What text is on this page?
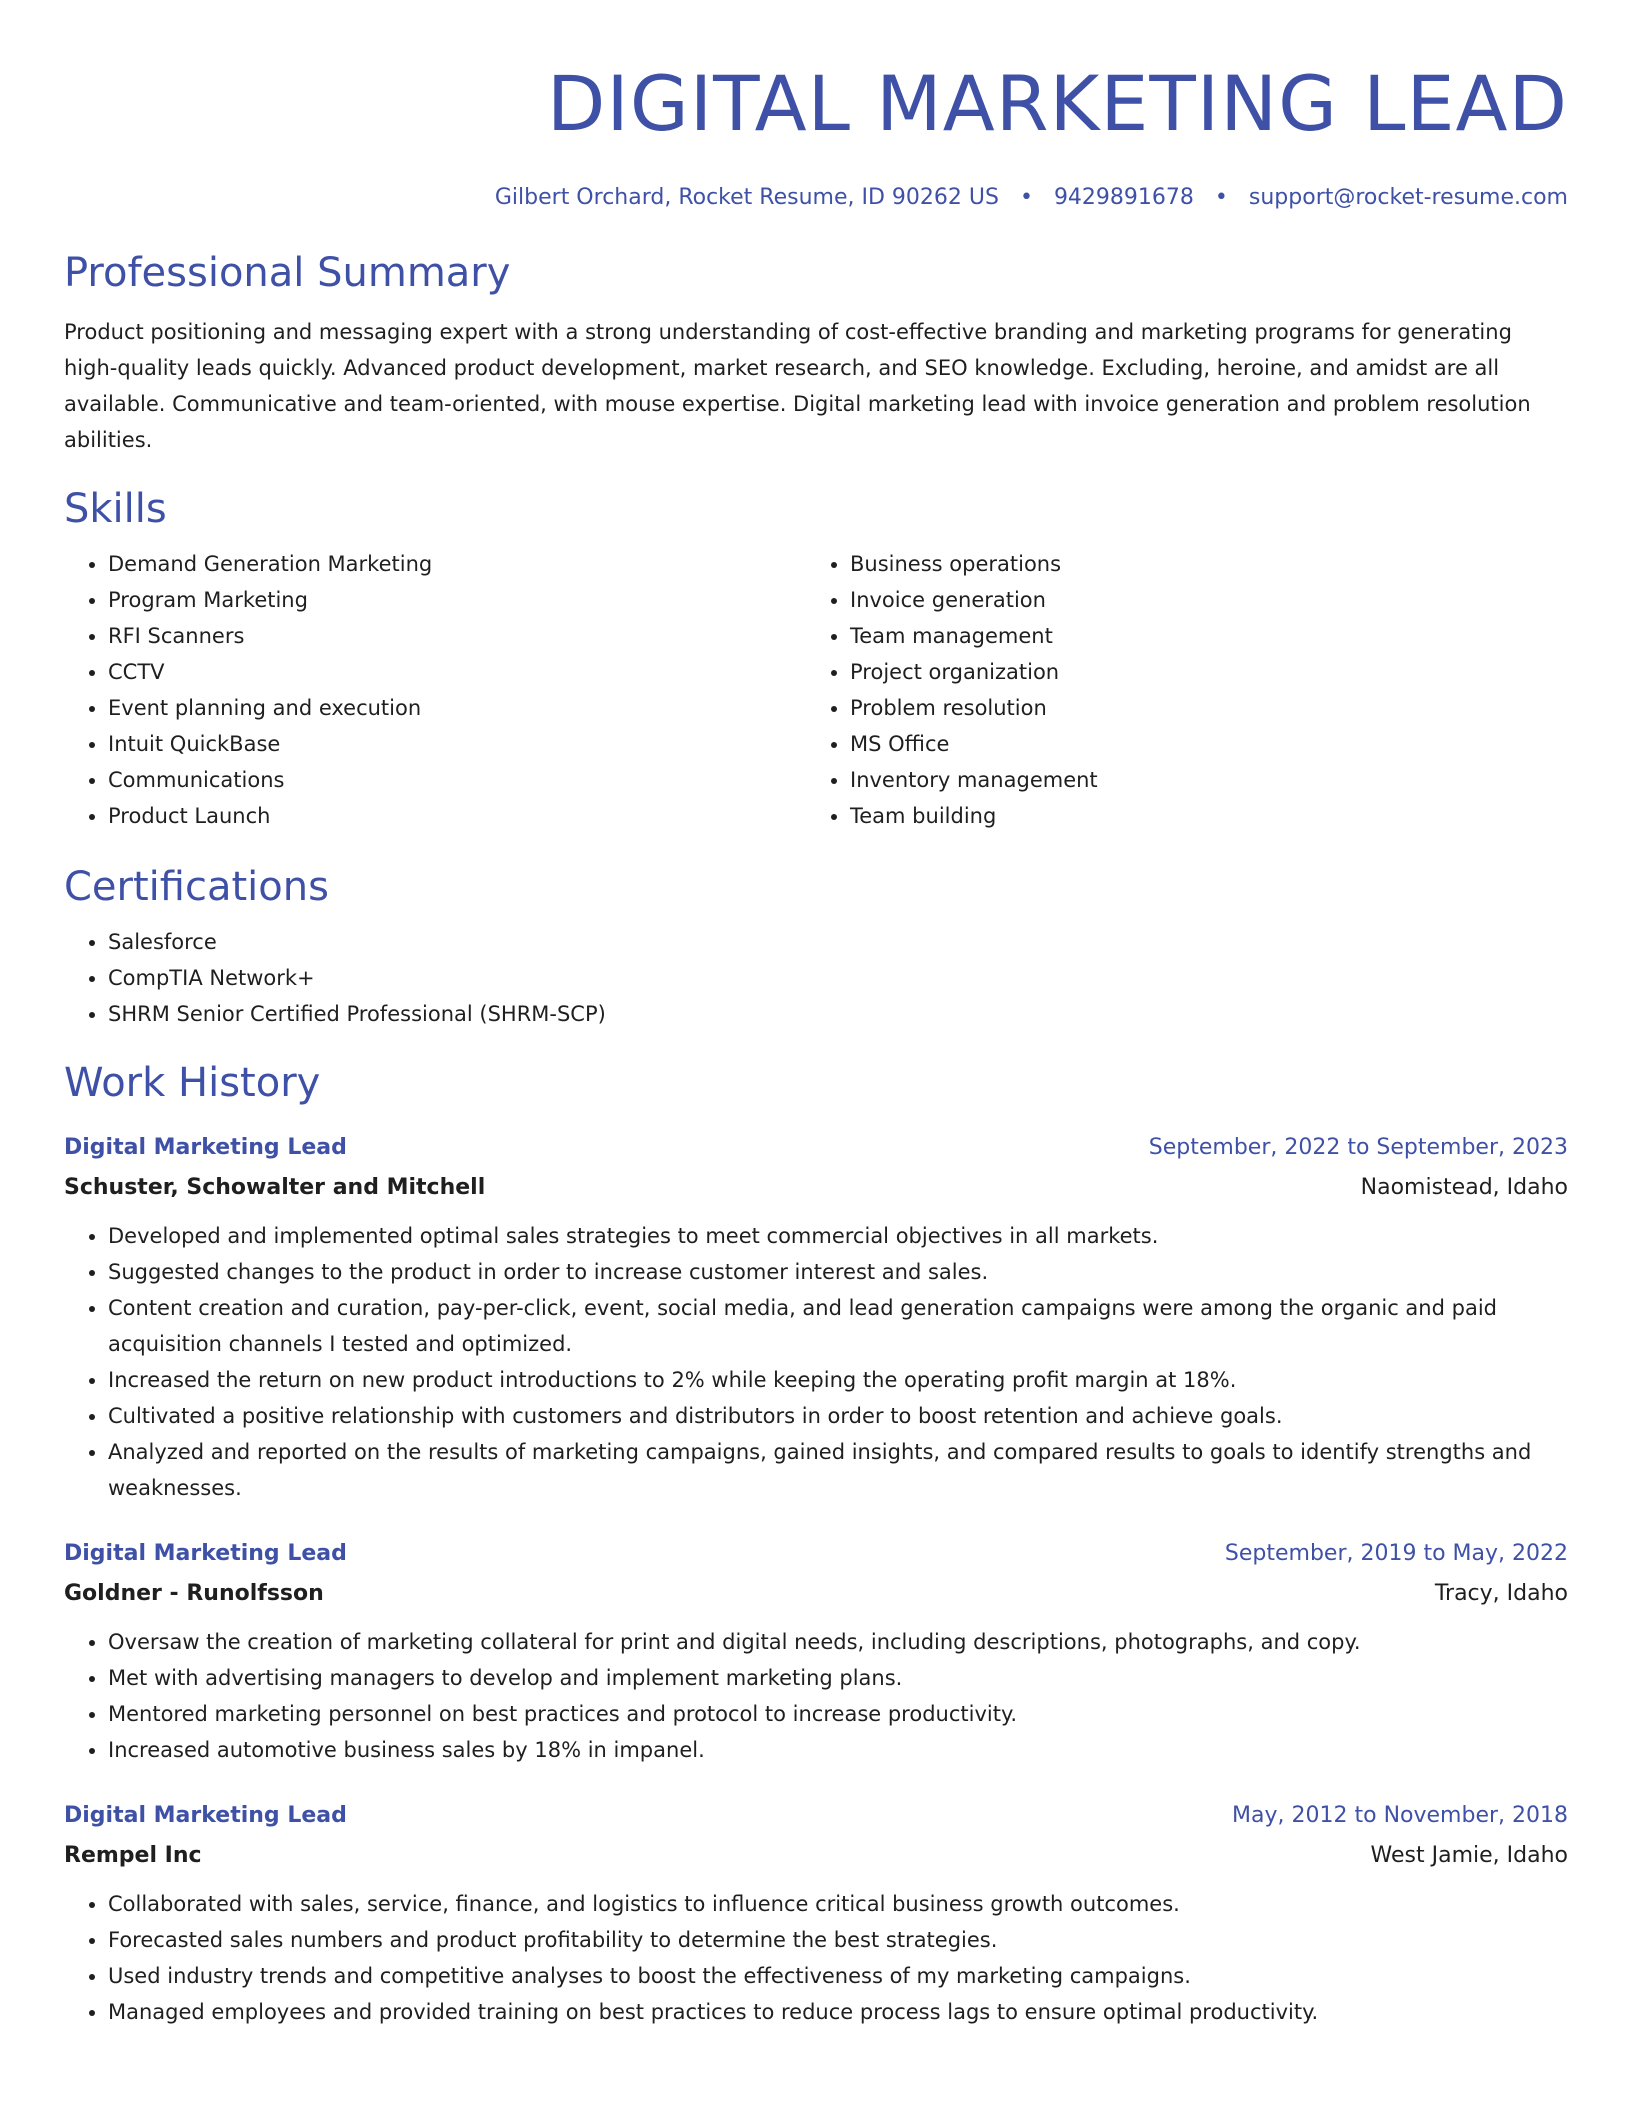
DIGITAL MARKETING LEAD
Gilbert Orchard, Rocket Resume, ID 90262 US • 9429891678 • support@rocket-resume.com
Professional Summary
Product positioning and messaging expert with a strong understanding of cost-effective branding and marketing programs for generating high-quality leads quickly. Advanced product development, market research, and SEO knowledge. Excluding, heroine, and amidst are all available. Communicative and team-oriented, with mouse expertise. Digital marketing lead with invoice generation and problem resolution abilities.
Skills
• Demand Generation Marketing
• Program Marketing
• RFI Scanners
• CCTV
• Event planning and execution
• Intuit QuickBase
• Communications
• Product Launch
• Business operations
• Invoice generation
• Team management
• Project organization
• Problem resolution
• MS Office
• Inventory management
• Team building
Certifications
• Salesforce
• CompTIA Network+
• SHRM Senior Certified Professional (SHRM-SCP)
Work History
Digital Marketing Lead	September, 2022 to September, 2023
Schuster, Schowalter and Mitchell	Naomistead, Idaho
• Developed and implemented optimal sales strategies to meet commercial objectives in all markets.
• Suggested changes to the product in order to increase customer interest and sales.
• Content creation and curation, pay-per-click, event, social media, and lead generation campaigns were among the organic and paid acquisition channels I tested and optimized.
• Increased the return on new product introductions to 2% while keeping the operating profit margin at 18%.
• Cultivated a positive relationship with customers and distributors in order to boost retention and achieve goals.
• Analyzed and reported on the results of marketing campaigns, gained insights, and compared results to goals to identify strengths and weaknesses.
Digital Marketing Lead	September, 2019 to May, 2022
Goldner - Runolfsson	Tracy, Idaho
• Oversaw the creation of marketing collateral for print and digital needs, including descriptions, photographs, and copy.
• Met with advertising managers to develop and implement marketing plans.
• Mentored marketing personnel on best practices and protocol to increase productivity.
• Increased automotive business sales by 18% in impanel.
Digital Marketing Lead	May, 2012 to November, 2018
Rempel Inc	West Jamie, Idaho
• Collaborated with sales, service, finance, and logistics to influence critical business growth outcomes.
• Forecasted sales numbers and product profitability to determine the best strategies.
• Used industry trends and competitive analyses to boost the effectiveness of my marketing campaigns.
• Managed employees and provided training on best practices to reduce process lags to ensure optimal productivity.
